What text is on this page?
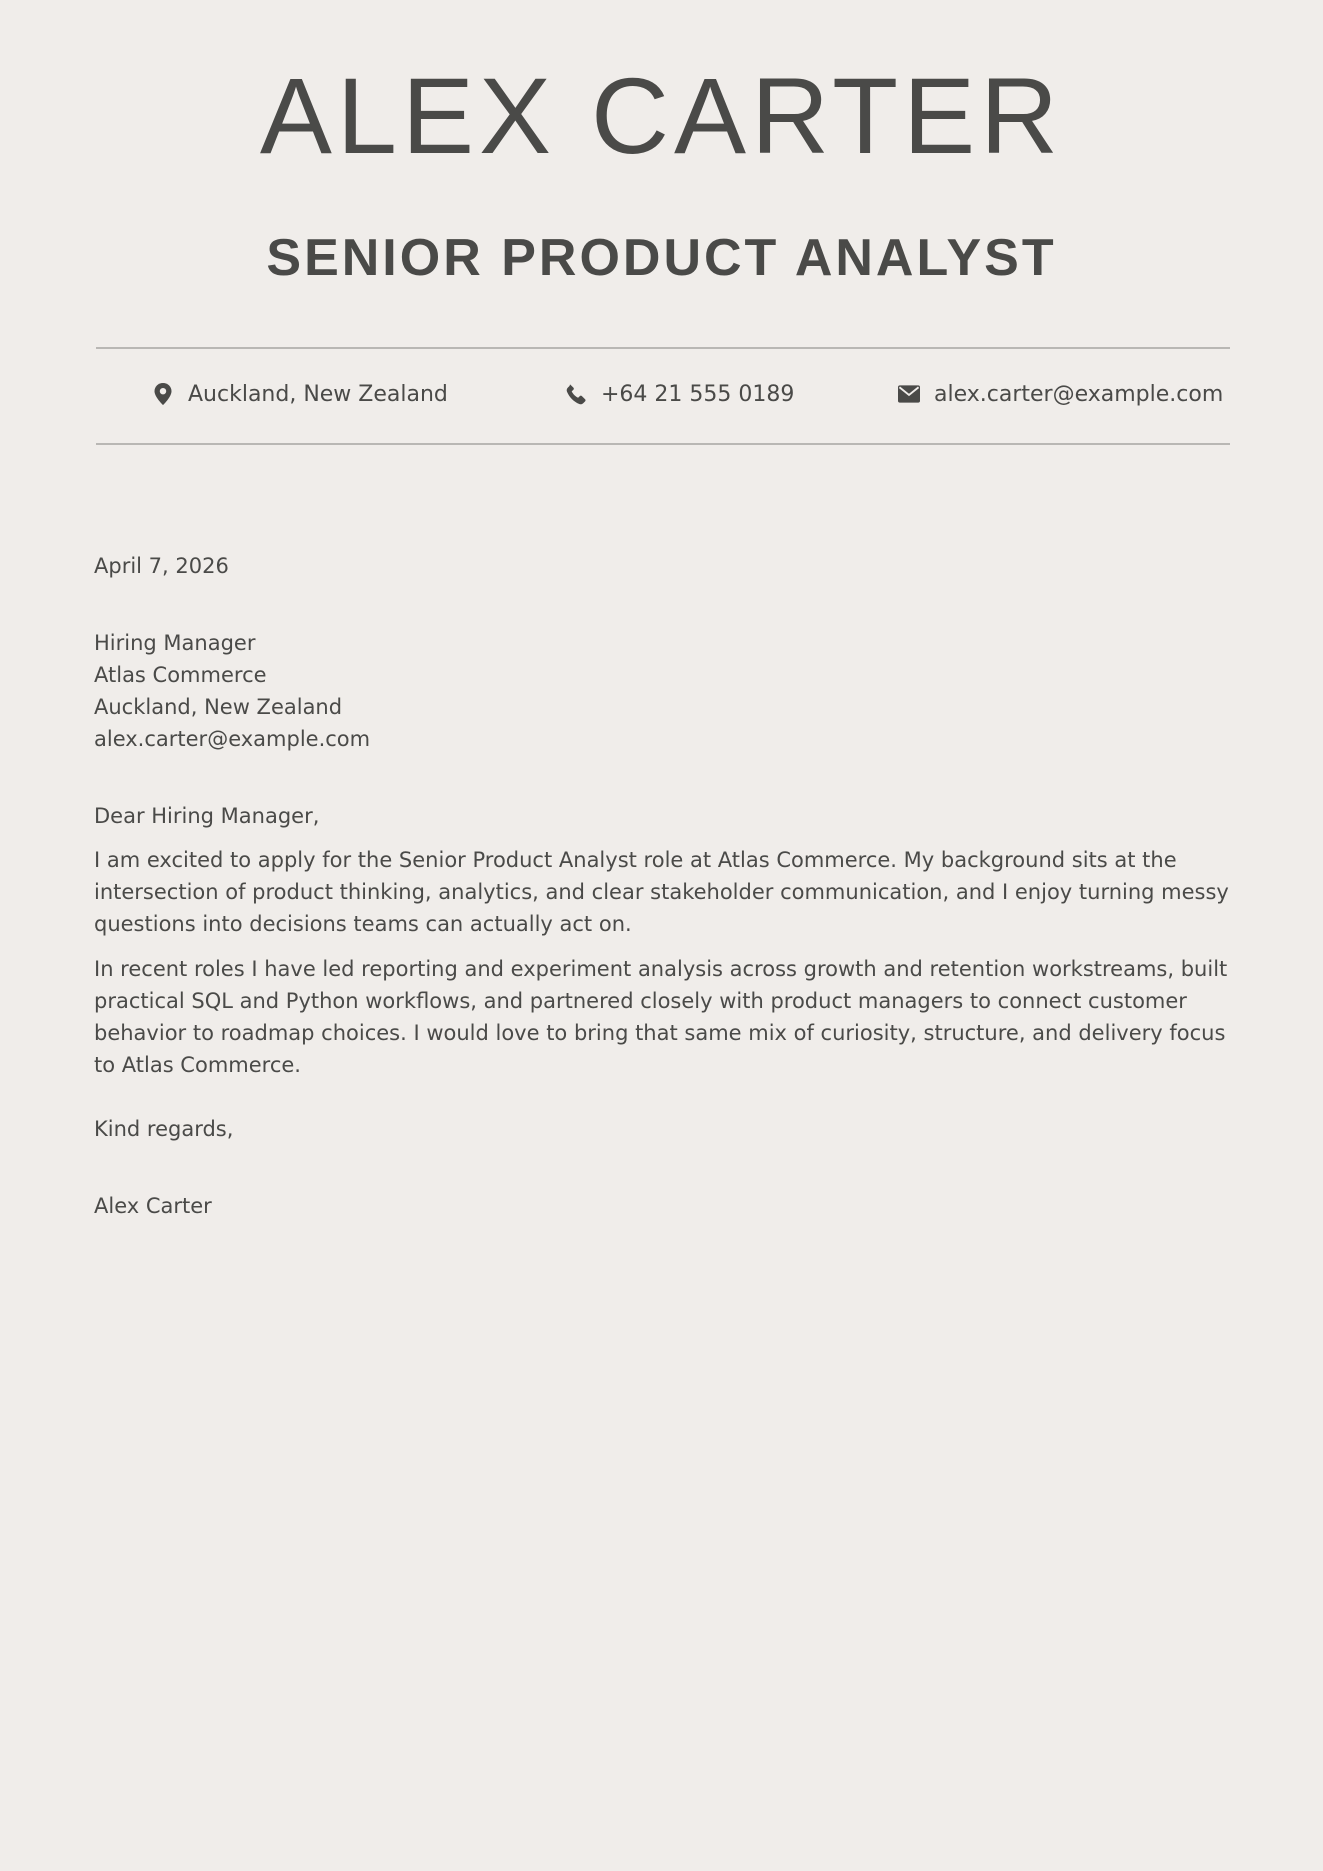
ALEX CARTER
SENIOR PRODUCT ANALYST
Auckland, New Zealand	+64 21 555 0189	alex.carter@example.com
April 7, 2026
Hiring Manager
Atlas Commerce
Auckland, New Zealand
alex.carter@example.com
Dear Hiring Manager,

I am excited to apply for the Senior Product Analyst role at Atlas Commerce. My background sits at the intersection of product thinking, analytics, and clear stakeholder communication, and I enjoy turning messy questions into decisions teams can actually act on.

In recent roles I have led reporting and experiment analysis across growth and retention workstreams, built practical SQL and Python workflows, and partnered closely with product managers to connect customer behavior to roadmap choices. I would love to bring that same mix of curiosity, structure, and delivery focus to Atlas Commerce.

Kind regards,
Alex Carter
